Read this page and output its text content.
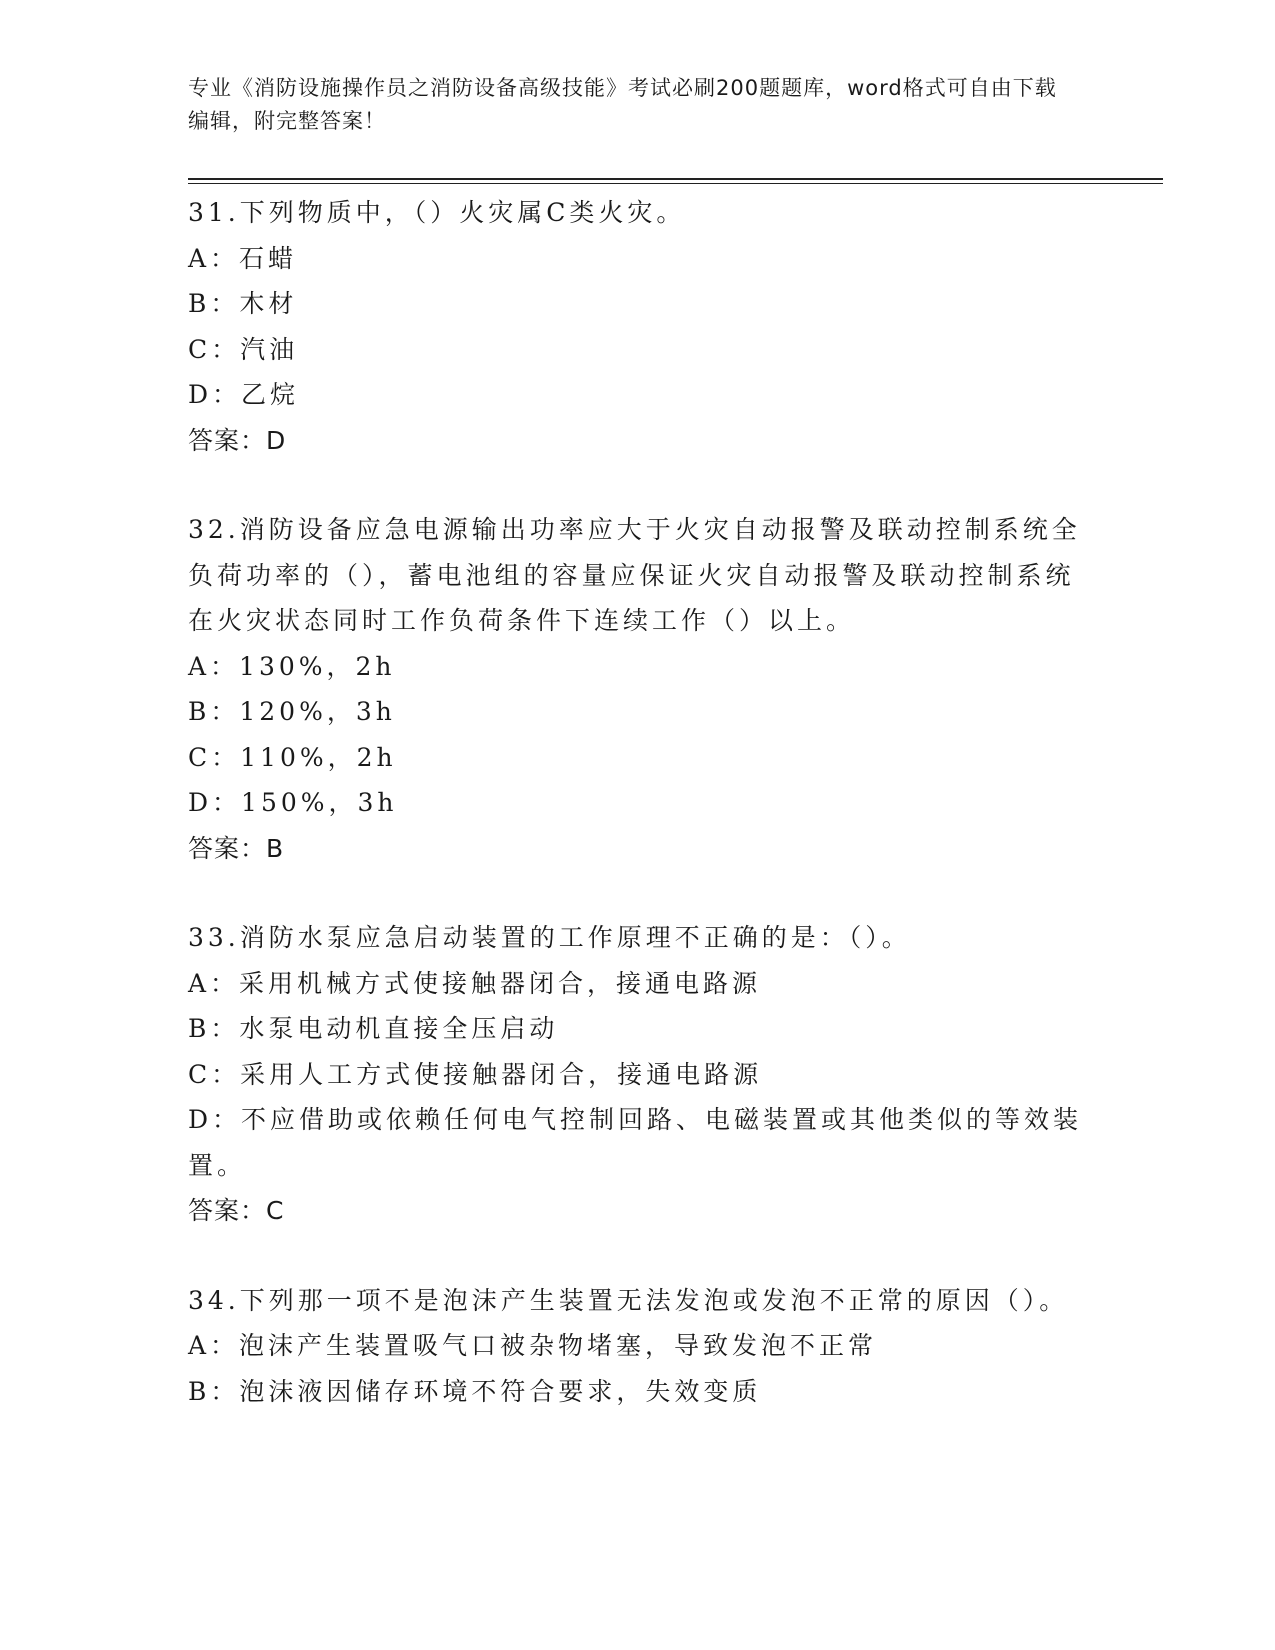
专业《消防设施操作员之消防设备高级技能》考试必刷200题题库，word格式可自由下载编辑，附完整答案！
31.下列物质中，（）火灾属C类火灾。
A：石蜡
B：木材
C：汽油
D：乙烷
答案：D
32.消防设备应急电源输出功率应大于火灾自动报警及联动控制系统全负荷功率的（），蓄电池组的容量应保证火灾自动报警及联动控制系统在火灾状态同时工作负荷条件下连续工作（）以上。
A：130%，2h
B：120%，3h
C：110%，2h
D：150%，3h
答案：B
33.消防水泵应急启动装置的工作原理不正确的是：（）。
A：采用机械方式使接触器闭合，接通电路源
B：水泵电动机直接全压启动
C：采用人工方式使接触器闭合，接通电路源
D：不应借助或依赖任何电气控制回路、电磁装置或其他类似的等效装置。
答案：C
34.下列那一项不是泡沫产生装置无法发泡或发泡不正常的原因（）。
A：泡沫产生装置吸气口被杂物堵塞，导致发泡不正常
B：泡沫液因储存环境不符合要求，失效变质
